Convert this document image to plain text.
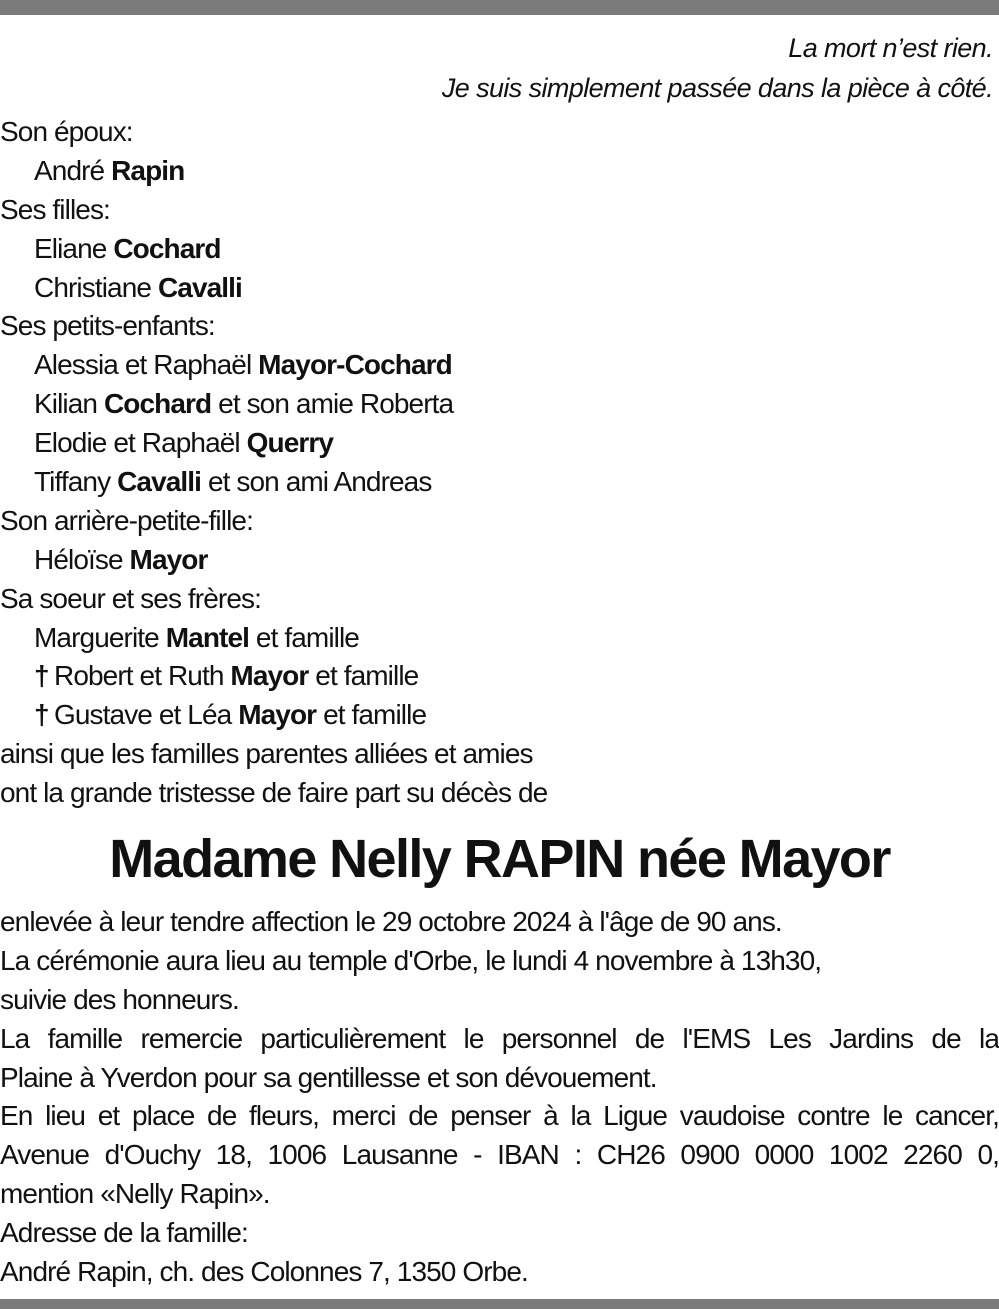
La mort n’est rien.
Je suis simplement passée dans la pièce à côté.
Son époux:
André Rapin
Ses filles:
Eliane Cochard
Christiane Cavalli
Ses petits-enfants:
Alessia et Raphaël Mayor-Cochard
Kilian Cochard et son amie Roberta
Elodie et Raphaël Querry
Tiffany Cavalli et son ami Andreas
Son arrière-petite-fille:
Héloïse Mayor
Sa soeur et ses frères:
Marguerite Mantel et famille
† Robert et Ruth Mayor et famille
† Gustave et Léa Mayor et famille
ainsi que les familles parentes alliées et amies
ont la grande tristesse de faire part su décès de
Madame Nelly RAPIN née Mayor
enlevée à leur tendre affection le 29 octobre 2024 à l'âge de 90 ans.
La cérémonie aura lieu au temple d'Orbe, le lundi 4 novembre à 13h30,
suivie des honneurs.
La famille remercie particulièrement le personnel de l'EMS Les Jardins de la
Plaine à Yverdon pour sa gentillesse et son dévouement.
En lieu et place de fleurs, merci de penser à la Ligue vaudoise contre le cancer,
Avenue d'Ouchy 18, 1006 Lausanne - IBAN : CH26 0900 0000 1002 2260 0,
mention «Nelly Rapin».
Adresse de la famille:
André Rapin, ch. des Colonnes 7, 1350 Orbe.
